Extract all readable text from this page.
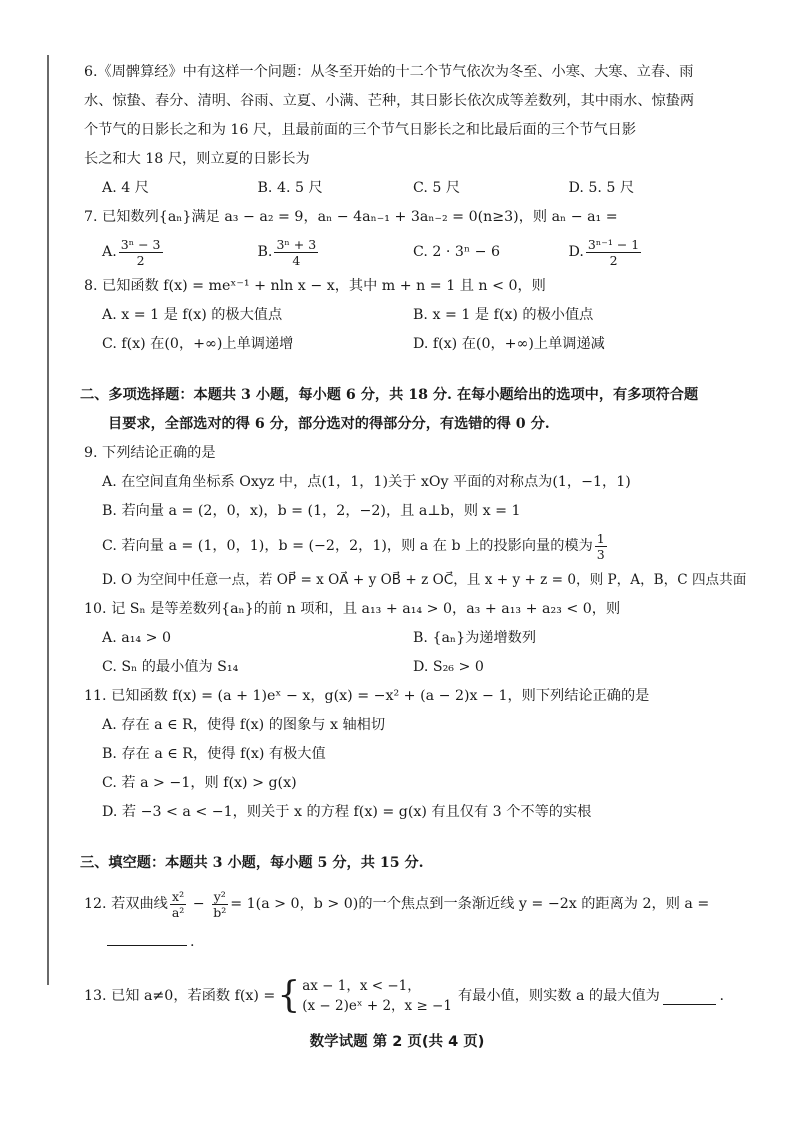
6.《周髀算经》中有这样一个问题：从冬至开始的十二个节气依次为冬至、小寒、大寒、立春、雨
水、惊蛰、春分、清明、谷雨、立夏、小满、芒种，其日影长依次成等差数列，其中雨水、惊蛰两
个节气的日影长之和为 16 尺，且最前面的三个节气日影长之和比最后面的三个节气日影
长之和大 18 尺，则立夏的日影长为
A. 4 尺	B. 4. 5 尺	C. 5 尺	D. 5. 5 尺
7. 已知数列{aₙ}满足 a₃ − a₂ = 9，aₙ − 4aₙ₋₁ + 3aₙ₋₂ = 0(n≥3)，则 aₙ − a₁ =
A. $\frac{\text{3ⁿ − 3}}{2}$	B. $\frac{\text{3ⁿ + 3}}{4}$	C. 2 · 3ⁿ − 6	D. $\frac{\text{3ⁿ⁻¹ − 1}}{2}$
8. 已知函数 f(x) = meˣ⁻¹ + nln x − x，其中 m + n = 1 且 n < 0，则
A. x = 1 是 f(x) 的极大值点	B. x = 1 是 f(x) 的极小值点
C. f(x) 在(0，+∞)上单调递增	D. f(x) 在(0，+∞)上单调递减
二、多项选择题：本题共 3 小题，每小题 6 分，共 18 分. 在每小题给出的选项中，有多项符合题
目要求，全部选对的得 6 分，部分选对的得部分分，有选错的得 0 分.
9. 下列结论正确的是
A. 在空间直角坐标系 Oxyz 中，点(1，1，1)关于 xOy 平面的对称点为(1，−1，1)
B. 若向量 a = (2，0，x)，b = (1，2，−2)，且 a⊥b，则 x = 1
C. 若向量 a = (1，0，1)，b = (−2，2，1)，则 a 在 b 上的投影向量的模为 $\frac{1}{3}$
D. O 为空间中任意一点，若 OP⃗ = x OA⃗ + y OB⃗ + z OC⃗，且 x + y + z = 0，则 P，A，B，C 四点共面
10. 记 Sₙ 是等差数列{aₙ}的前 n 项和，且 a₁₃ + a₁₄ > 0，a₃ + a₁₃ + a₂₃ < 0，则
A. a₁₄ > 0	B. {aₙ}为递增数列
C. Sₙ 的最小值为 S₁₄	D. S₂₆ > 0
11. 已知函数 f(x) = (a + 1)eˣ − x，g(x) = −x² + (a − 2)x − 1，则下列结论正确的是
A. 存在 a ∈ R，使得 f(x) 的图象与 x 轴相切
B. 存在 a ∈ R，使得 f(x) 有极大值
C. 若 a > −1，则 f(x) > g(x)
D. 若 −3 < a < −1，则关于 x 的方程 f(x) = g(x) 有且仅有 3 个不等的实根
三、填空题：本题共 3 小题，每小题 5 分，共 15 分.
12. 若双曲线 $\frac{\text{x²}}{\text{a²}} - \frac{\text{y²}}{\text{b²}} = 1(a > 0$，b > 0)的一个焦点到一条渐近线 y = −2x 的距离为 2，则 a =
.
13. 已知 a≠0，若函数 f(x) = { ax − 1，x < −1，
(x − 2)eˣ + 2，x ≥ −1
有最小值，则实数 a 的最大值为	.
数学试题 第 2 页(共 4 页)
